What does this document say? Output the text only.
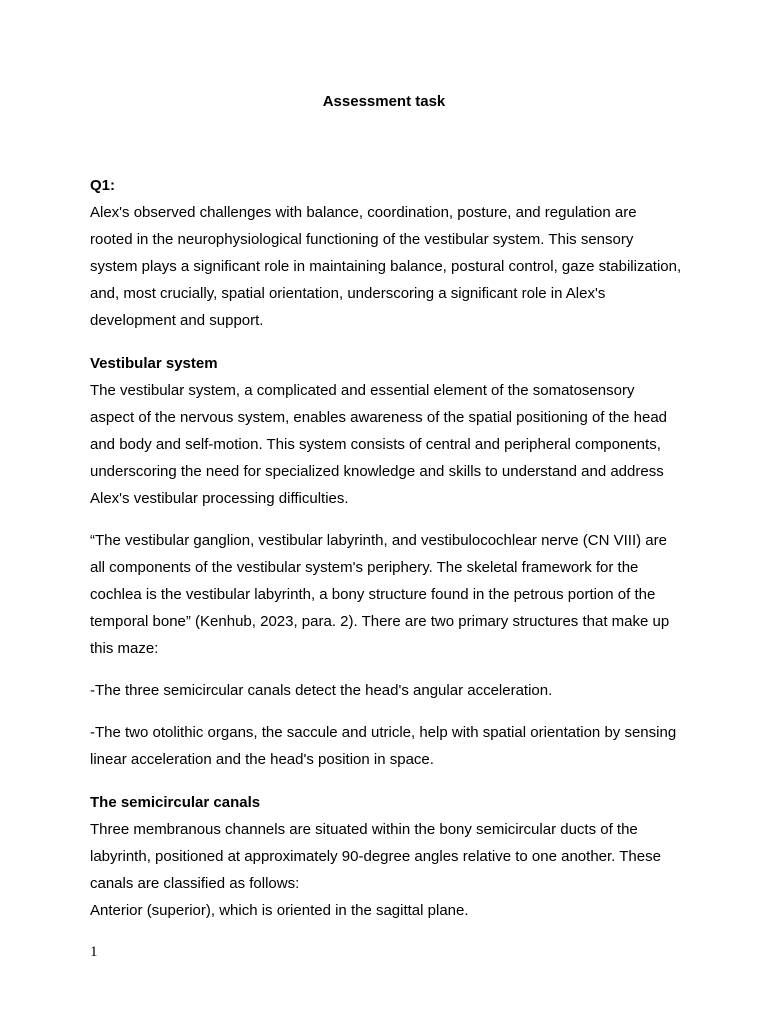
Assessment task
Q1:

Alex's observed challenges with balance, coordination, posture, and regulation are rooted in the neurophysiological functioning of the vestibular system. This sensory system plays a significant role in maintaining balance, postural control, gaze stabilization, and, most crucially, spatial orientation, underscoring a significant role in Alex's development and support.

Vestibular system

The vestibular system, a complicated and essential element of the somatosensory aspect of the nervous system, enables awareness of the spatial positioning of the head and body and self-motion. This system consists of central and peripheral components, underscoring the need for specialized knowledge and skills to understand and address Alex's vestibular processing difficulties.

“The vestibular ganglion, vestibular labyrinth, and vestibulocochlear nerve (CN VIII) are all components of the vestibular system's periphery. The skeletal framework for the cochlea is the vestibular labyrinth, a bony structure found in the petrous portion of the temporal bone” (Kenhub, 2023, para. 2). There are two primary structures that make up this maze:

-The three semicircular canals detect the head's angular acceleration.

-The two otolithic organs, the saccule and utricle, help with spatial orientation by sensing linear acceleration and the head's position in space.

The semicircular canals

Three membranous channels are situated within the bony semicircular ducts of the labyrinth, positioned at approximately 90-degree angles relative to one another. These canals are classified as follows:

Anterior (superior), which is oriented in the sagittal plane.

1
